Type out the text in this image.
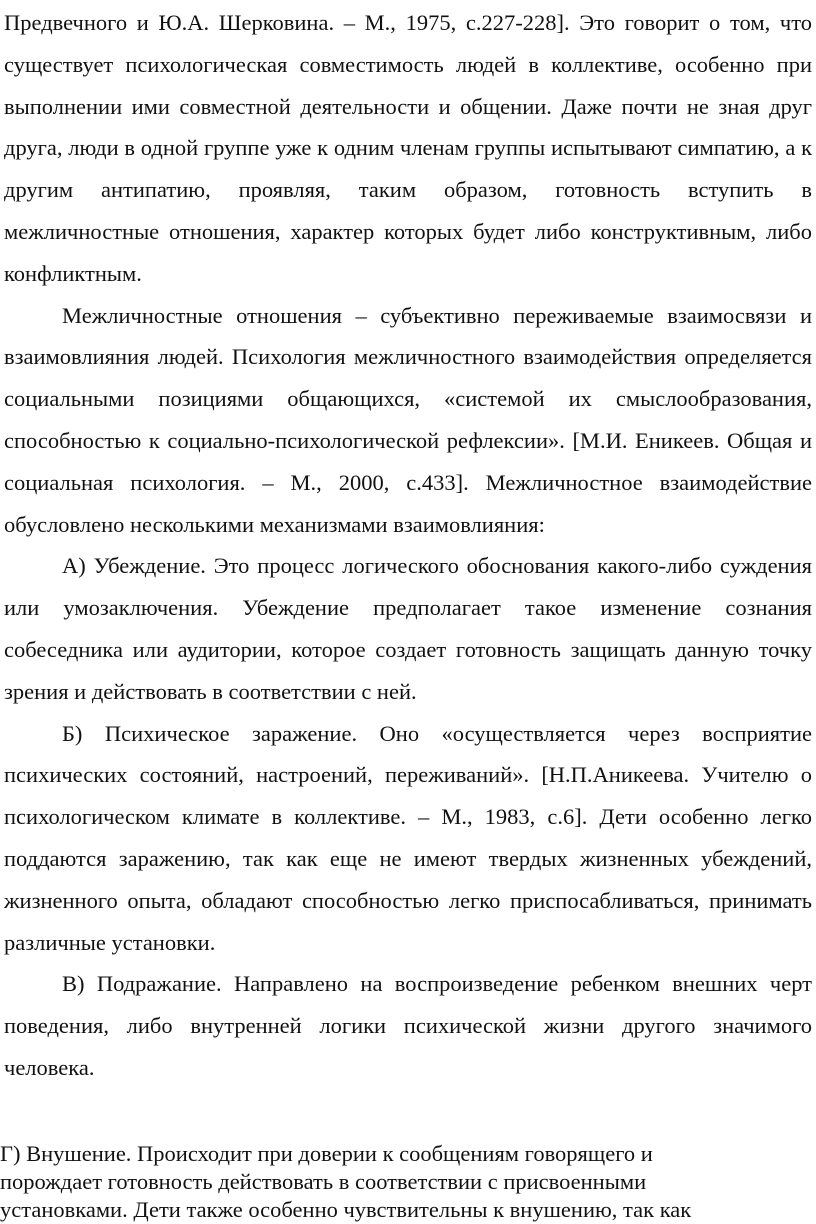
Предвечного и Ю.А. Шерковина. – М., 1975, с.227-228]. Это говорит о том, что существует психологическая совместимость людей в коллективе, особенно при выполнении ими совместной деятельности и общении. Даже почти не зная друг друга, люди в одной группе уже к одним членам группы испытывают симпатию, а к другим антипатию, проявляя, таким образом, готовность вступить в межличностные отношения, характер которых будет либо конструктивным, либо конфликтным.

Межличностные отношения – субъективно переживаемые взаимосвязи и взаимовлияния людей. Психология межличностного взаимодействия определяется социальными позициями общающихся, «системой их смыслообразования, способностью к социально-психологической рефлексии». [М.И. Еникеев. Общая и социальная психология. – М., 2000, с.433]. Межличностное взаимодействие обусловлено несколькими механизмами взаимовлияния:

А) Убеждение. Это процесс логического обоснования какого-либо суждения или умозаключения. Убеждение предполагает такое изменение сознания собеседника или аудитории, которое создает готовность защищать данную точку зрения и действовать в соответствии с ней.

Б) Психическое заражение. Оно «осуществляется через восприятие психических состояний, настроений, переживаний». [Н.П.Аникеева. Учителю о психологическом климате в коллективе. – М., 1983, с.6]. Дети особенно легко поддаются заражению, так как еще не имеют твердых жизненных убеждений, жизненного опыта, обладают способностью легко приспосабливаться, принимать различные установки.

В) Подражание. Направлено на воспроизведение ребенком внешних черт поведения, либо внутренней логики психической жизни другого значимого человека.

Г) Внушение. Происходит при доверии к сообщениям говорящего и
порождает готовность действовать в соответствии с присвоенными
установками. Дети также особенно чувствительны к внушению, так как
